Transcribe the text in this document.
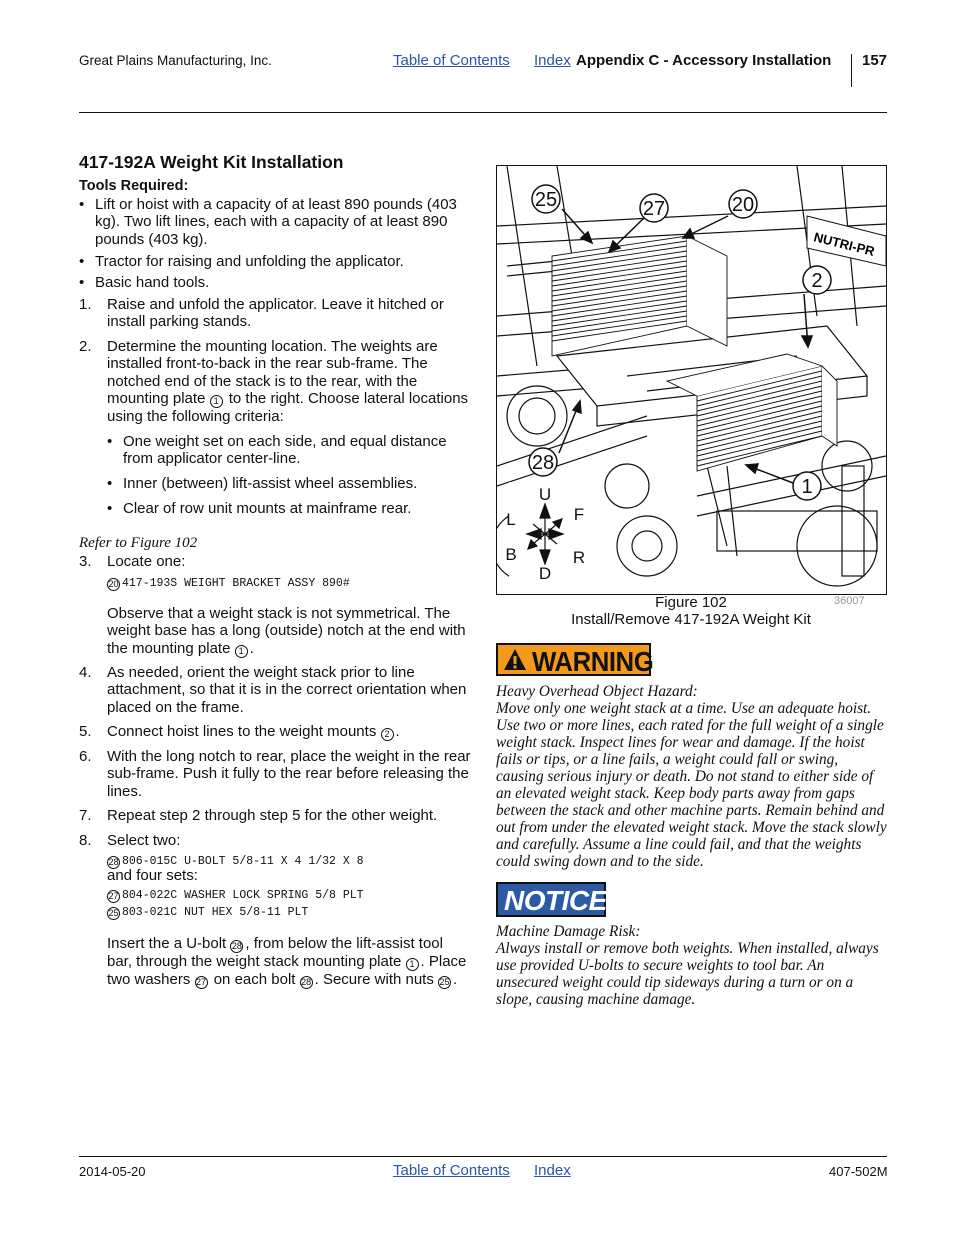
Great Plains Manufacturing, Inc.	Table of Contents Index Appendix C - Accessory Installation 157
417-192A Weight Kit Installation
Tools Required:
• Lift or hoist with a capacity of at least 890 pounds (403 kg). Two lift lines, each with a capacity of at least 890 pounds (403 kg).
• Tractor for raising and unfolding the applicator.
• Basic hand tools.
1. Raise and unfold the applicator. Leave it hitched or install parking stands.
2. Determine the mounting location. The weights are installed front-to-back in the rear sub-frame. The notched end of the stack is to the rear, with the mounting plate 1 to the right. Choose lateral locations using the following criteria:
• One weight set on each side, and equal distance from applicator center-line.
• Inner (between) lift-assist wheel assemblies.
• Clear of row unit mounts at mainframe rear.
Refer to Figure 102
3. Locate one:
20 417-193S WEIGHT BRACKET ASSY 890#
Observe that a weight stack is not symmetrical. The weight base has a long (outside) notch at the end with the mounting plate 1 .
4. As needed, orient the weight stack prior to line attachment, so that it is in the correct orientation when placed on the frame.
5. Connect hoist lines to the weight mounts 2 .
6. With the long notch to rear, place the weight in the rear sub-frame. Push it fully to the rear before releasing the lines.
7. Repeat step 2 through step 5 for the other weight.
8. Select two:
28 806-015C U-BOLT 5/8-11 X 4 1/32 X 8
and four sets:
27 804-022C WASHER LOCK SPRING 5/8 PLT
25 803-021C NUT HEX 5/8-11 PLT
Insert the a U-bolt 28 , from below the lift-assist tool bar, through the weight stack mounting plate 1 . Place two washers 27 on each bolt 28 . Secure with nuts 25 .
NUTRI-PR
25	27	20
2
1
28
U
D
L	F
B	R
36007
Figure 102
Install/Remove 417-192A Weight Kit
WARNING
Heavy Overhead Object Hazard:
Move only one weight stack at a time. Use an adequate hoist. Use two or more lines, each rated for the full weight of a single weight stack. Inspect lines for wear and damage. If the hoist fails or tips, or a line fails, a weight could fall or swing, causing serious injury or death. Do not stand to either side of an elevated weight stack. Keep body parts away from gaps between the stack and other machine parts. Remain behind and out from under the elevated weight stack. Move the stack slowly and carefully. Assume a line could fail, and that the weights could swing down and to the side.
NOTICE
Machine Damage Risk:
Always install or remove both weights. When installed, always use provided U-bolts to secure weights to tool bar. An unsecured weight could tip sideways during a turn or on a slope, causing machine damage.
2014-05-20	Table of Contents Index	407-502M
